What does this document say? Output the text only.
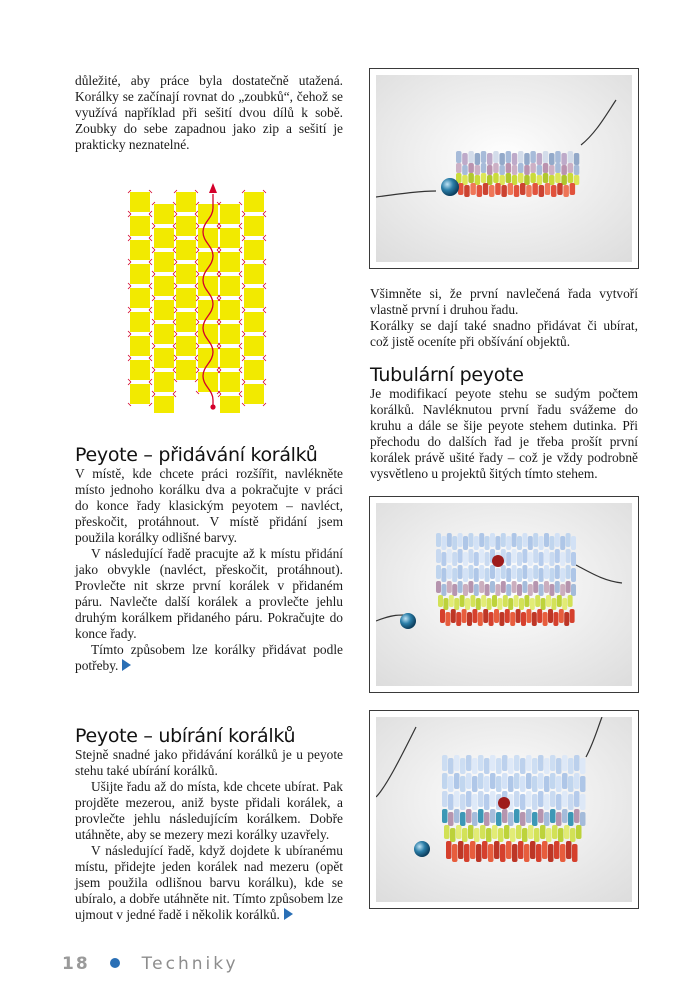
důležité, aby práce byla dostatečně utažená. Korálky se začínají rovnat do „zoubků“, čehož se využívá například při sešití dvou dílů k sobě. Zoubky do sebe zapadnou jako zip a sešití je prakticky neznatelné.

Peyote – přidávání korálků

V místě, kde chcete práci rozšířit, navlékněte místo jednoho korálku dva a pokračujte v práci do konce řady klasickým peyotem – navléct, přeskočit, protáhnout. V místě přidání jsem použila korálky odlišné barvy.

V následující řadě pracujte až k místu přidání jako obvykle (navléct, přeskočit, protáhnout). Provlečte nit skrze první korálek v přidaném páru. Navlečte další korálek a provlečte jehlu druhým korálkem přidaného páru. Pokračujte do konce řady.

Tímto způsobem lze korálky přidávat podle potřeby.

Peyote – ubírání korálků

Stejně snadné jako přidávání korálků je u peyote stehu také ubírání korálků.

Ušijte řadu až do místa, kde chcete ubírat. Pak projděte mezerou, aniž byste přidali korálek, a provlečte jehlu následujícím korálkem. Dobře utáhněte, aby se mezery mezi korálky uzavřely.

V následující řadě, když dojdete k ubíranému místu, přidejte jeden korálek nad mezeru (opět jsem použila odlišnou barvu korálku), kde se ubíralo, a dobře utáhněte nit. Tímto způsobem lze ujmout v jedné řadě i několik korálků.

Všimněte si, že první navlečená řada vytvoří vlastně první i druhou řadu.

Korálky se dají také snadno přidávat či ubírat, což jistě oceníte při obšívání objektů.

Tubulární peyote

Je modifikací peyote stehu se sudým počtem korálků. Navléknutou první řadu svážeme do kruhu a dále se šije peyote stehem dutinka. Při přechodu do dalších řad je třeba prošít první korálek právě ušité řady – což je vždy podrobně vysvětleno u projektů šitých tímto stehem.

18	Techniky
